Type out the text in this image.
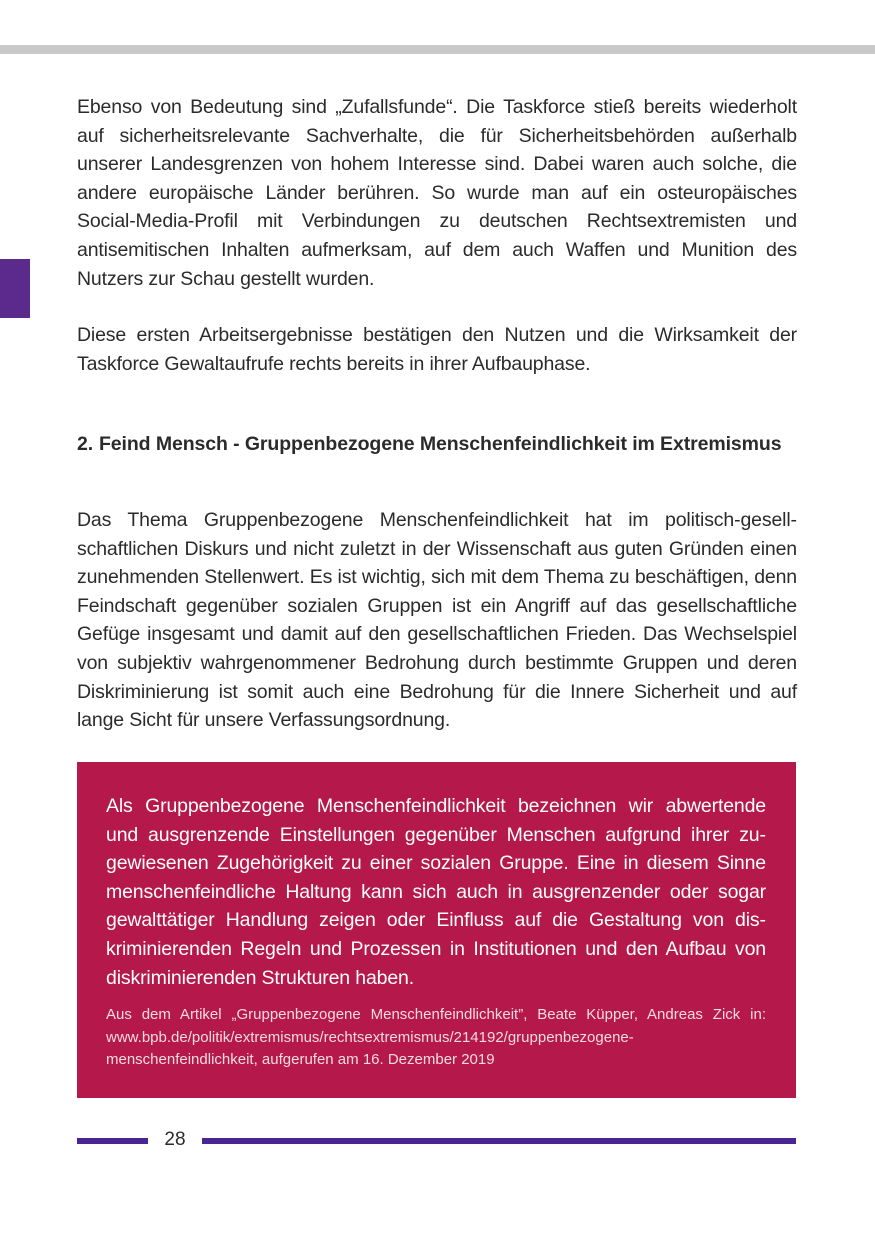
Ebenso von Bedeutung sind „Zufallsfunde“. Die Taskforce stieß bereits wiederholt auf sicherheitsrelevante Sachverhalte, die für Sicherheitsbehörden außerhalb unserer Landesgrenzen von hohem Interesse sind. Dabei waren auch solche, die andere europäische Länder berühren. So wurde man auf ein osteuropäisches Social-Media-Profil mit Verbindungen zu deutschen Rechtsextremisten und antisemitischen Inhalten aufmerksam, auf dem auch Waffen und Munition des Nutzers zur Schau gestellt wurden.

Diese ersten Arbeitsergebnisse bestätigen den Nutzen und die Wirksamkeit der Taskforce Gewaltaufrufe rechts bereits in ihrer Aufbauphase.

2. Feind Mensch - Gruppenbezogene Menschenfeindlichkeit im Extremismus

Das Thema Gruppenbezogene Menschenfeindlichkeit hat im politisch-gesellschaftlichen Diskurs und nicht zuletzt in der Wissenschaft aus guten Gründen einen zunehmenden Stellenwert. Es ist wichtig, sich mit dem Thema zu beschäftigen, denn Feindschaft gegenüber sozialen Gruppen ist ein Angriff auf das gesellschaftliche Gefüge insgesamt und damit auf den gesellschaftlichen Frieden. Das Wechselspiel von subjektiv wahrgenommener Bedrohung durch bestimmte Gruppen und deren Diskriminierung ist somit auch eine Bedrohung für die Innere Sicherheit und auf lange Sicht für unsere Verfassungsordnung.

Als Gruppenbezogene Menschenfeindlichkeit bezeichnen wir abwertende und ausgrenzende Einstellungen gegenüber Menschen aufgrund ihrer zugewiesenen Zugehörigkeit zu einer sozialen Gruppe. Eine in diesem Sinne menschenfeindliche Haltung kann sich auch in ausgrenzender oder sogar gewalttätiger Handlung zeigen oder Einfluss auf die Gestaltung von diskriminierenden Regeln und Prozessen in Institutionen und den Aufbau von diskriminierenden Strukturen haben.

Aus dem Artikel „Gruppenbezogene Menschenfeindlichkeit”, Beate Küpper, Andreas Zick in: www.bpb.de/politik/extremismus/rechtsextremismus/214192/gruppenbezogene-menschenfeindlichkeit, aufgerufen am 16. Dezember 2019

28
